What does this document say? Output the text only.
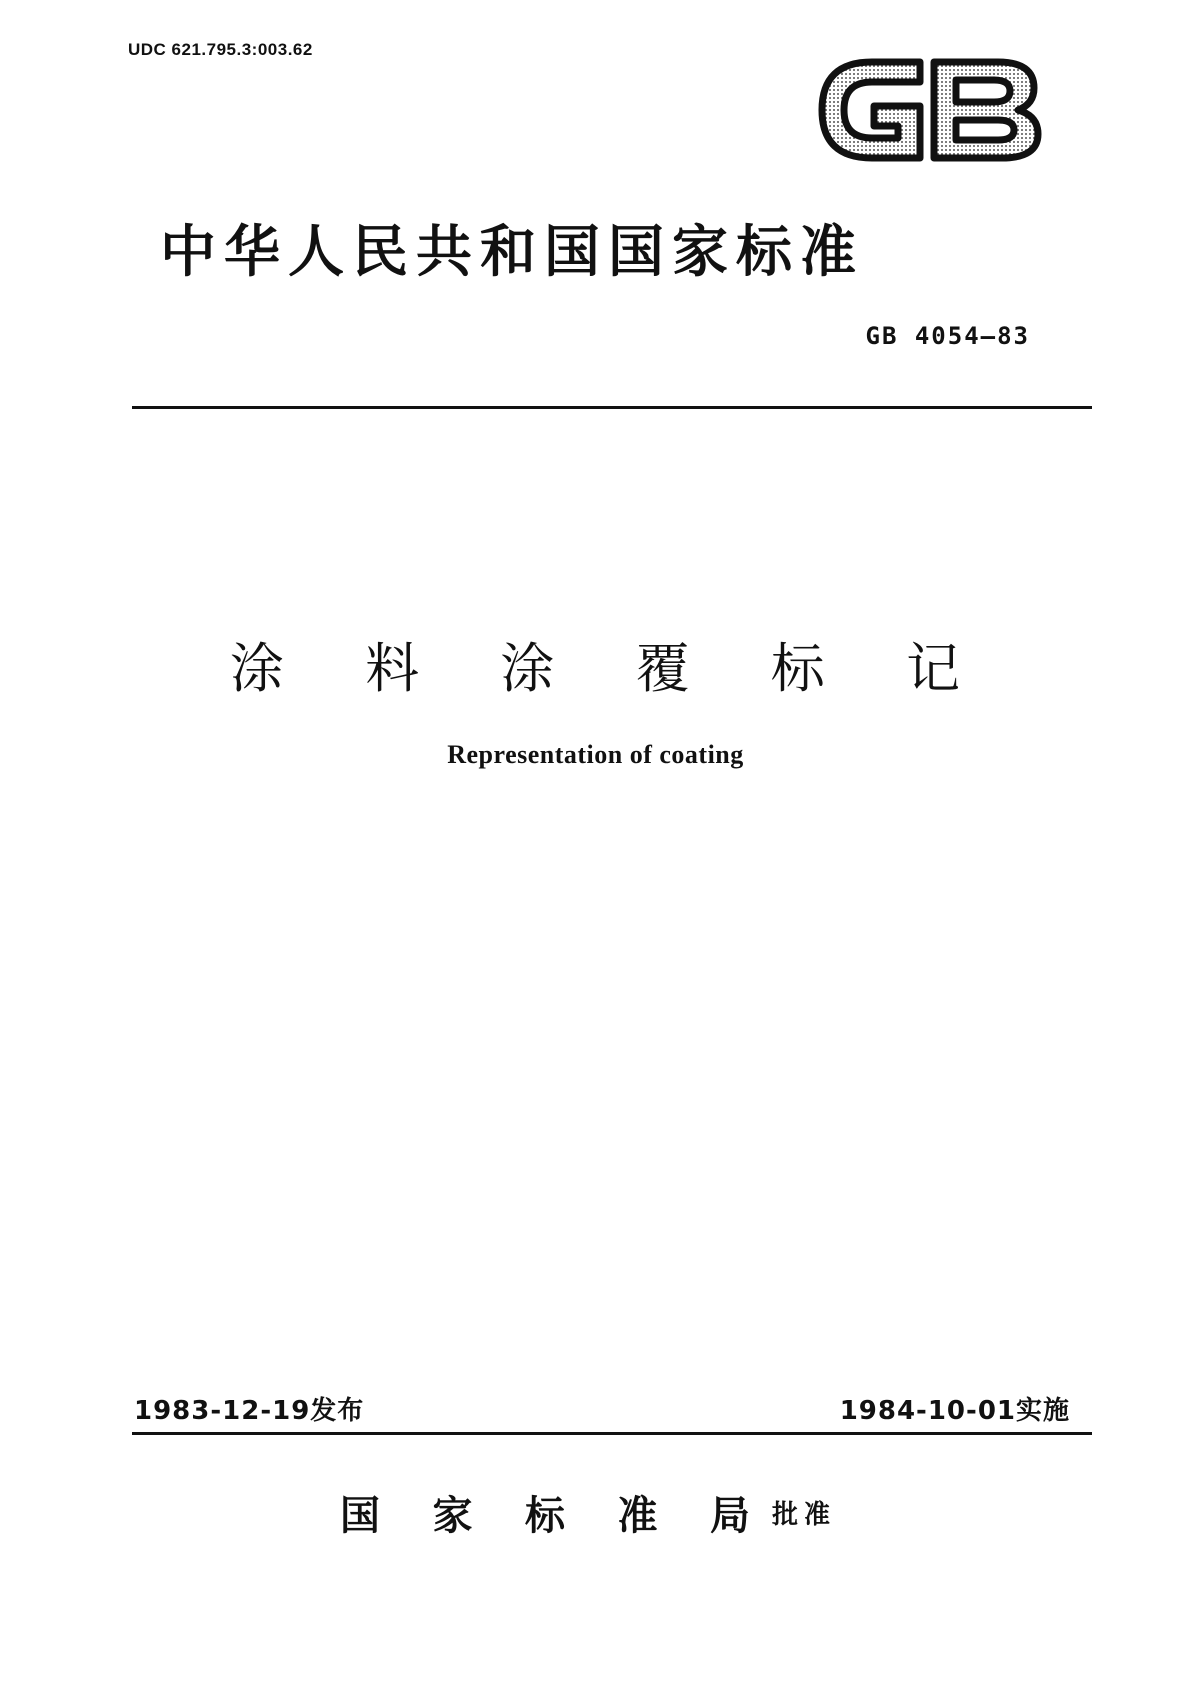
UDC 621.795.3:003.62
中华人民共和国国家标准
GB 4054—83
涂 料 涂 覆 标 记
Representation of coating
1983-12-19发布	1984-10-01实施
国 家 标 准 局 批准
